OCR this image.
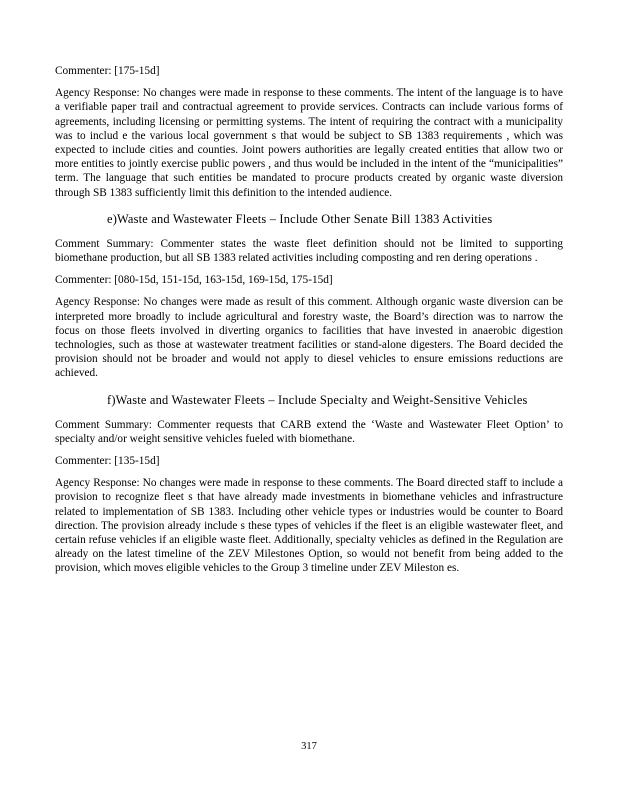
Commenter: [175-15d]

Agency Response: No changes were made in response to these comments. The intent of the language is to have a verifiable paper trail and contractual agreement to provide services. Contracts can include various forms of agreements, including licensing or permitting systems. The intent of requiring the contract with a municipality was to includ e the various local government s that would be subject to SB 1383 requirements , which was expected to include cities and counties. Joint powers authorities are legally created entities that allow two or more entities to jointly exercise public powers , and thus would be included in the intent of the “municipalities” term. The language that such entities be mandated to procure products created by organic waste diversion through SB 1383 sufficiently limit this definition to the intended audience.

e)Waste and Wastewater Fleets – Include Other Senate Bill 1383 Activities

Comment Summary: Commenter states the waste fleet definition should not be limited to supporting biomethane production, but all SB 1383 related activities including composting and ren dering operations .

Commenter: [080-15d, 151-15d, 163-15d, 169-15d, 175-15d]

Agency Response: No changes were made as result of this comment. Although organic waste diversion can be interpreted more broadly to include agricultural and forestry waste, the Board’s direction was to narrow the focus on those fleets involved in diverting organics to facilities that have invested in anaerobic digestion technologies, such as those at wastewater treatment facilities or stand-alone digesters. The Board decided the provision should not be broader and would not apply to diesel vehicles to ensure emissions reductions are achieved.

f)Waste and Wastewater Fleets – Include Specialty and Weight-Sensitive Vehicles

Comment Summary: Commenter requests that CARB extend the ‘Waste and Wastewater Fleet Option’ to specialty and/or weight sensitive vehicles fueled with biomethane.

Commenter: [135-15d]

Agency Response: No changes were made in response to these comments. The Board directed staff to include a provision to recognize fleet s that have already made investments in biomethane vehicles and infrastructure related to implementation of SB 1383. Including other vehicle types or industries would be counter to Board direction. The provision already include s these types of vehicles if the fleet is an eligible wastewater fleet, and certain refuse vehicles if an eligible waste fleet. Additionally, specialty vehicles as defined in the Regulation are already on the latest timeline of the ZEV Milestones Option, so would not benefit from being added to the provision, which moves eligible vehicles to the Group 3 timeline under ZEV Mileston es.

317
